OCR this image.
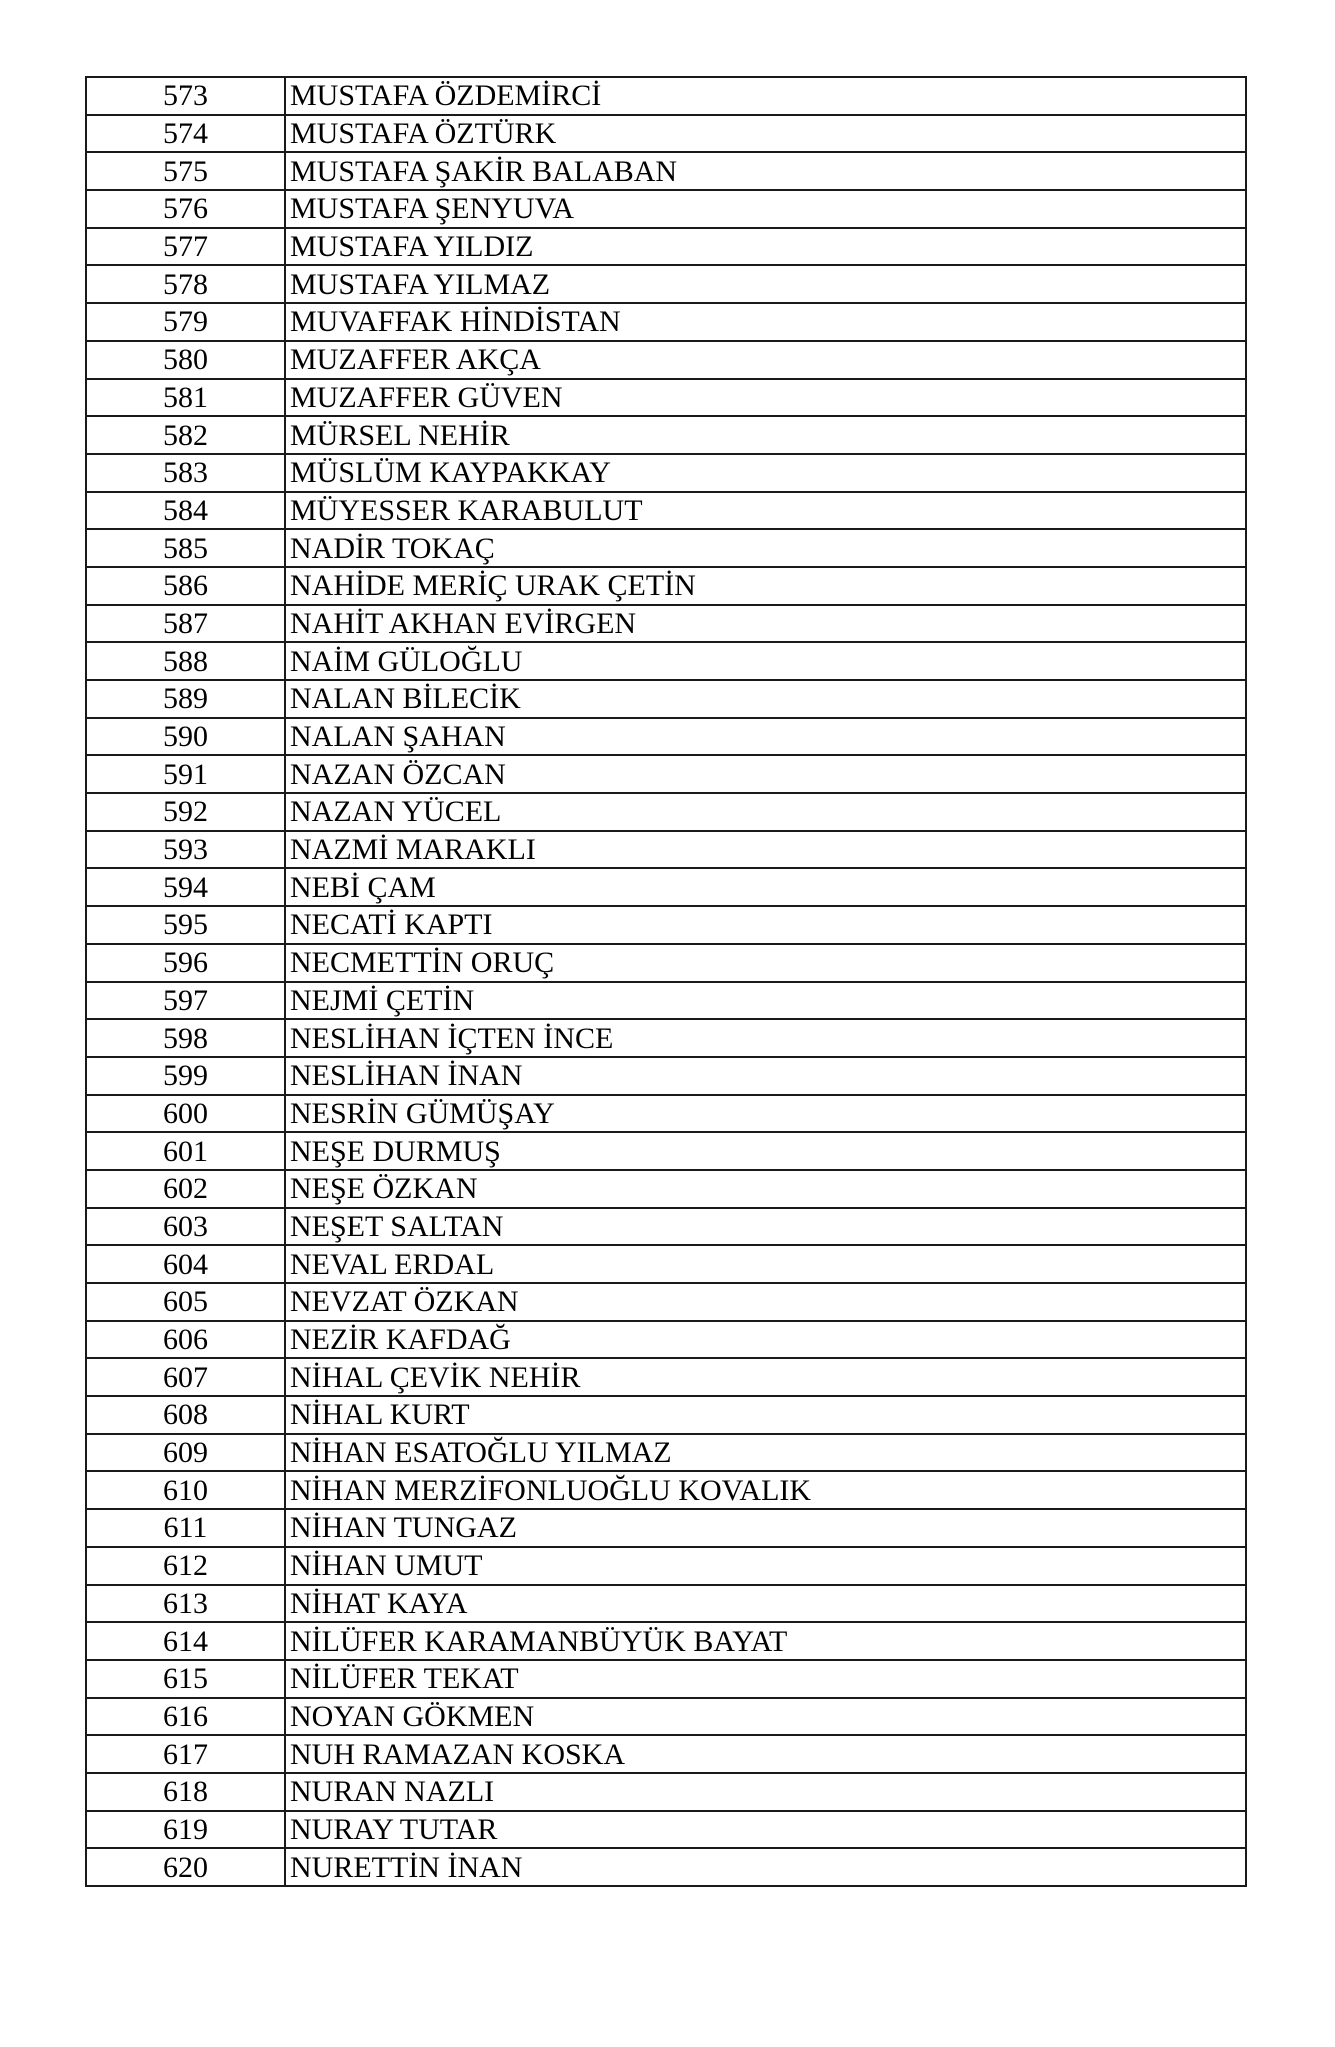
573	MUSTAFA ÖZDEMİRCİ
574	MUSTAFA ÖZTÜRK
575	MUSTAFA ŞAKİR BALABAN
576	MUSTAFA ŞENYUVA
577	MUSTAFA YILDIZ
578	MUSTAFA YILMAZ
579	MUVAFFAK HİNDİSTAN
580	MUZAFFER AKÇA
581	MUZAFFER GÜVEN
582	MÜRSEL NEHİR
583	MÜSLÜM KAYPAKKAY
584	MÜYESSER KARABULUT
585	NADİR TOKAÇ
586	NAHİDE MERİÇ URAK ÇETİN
587	NAHİT AKHAN EVİRGEN
588	NAİM GÜLOĞLU
589	NALAN BİLECİK
590	NALAN ŞAHAN
591	NAZAN ÖZCAN
592	NAZAN YÜCEL
593	NAZMİ MARAKLI
594	NEBİ ÇAM
595	NECATİ KAPTI
596	NECMETTİN ORUÇ
597	NEJMİ ÇETİN
598	NESLİHAN İÇTEN İNCE
599	NESLİHAN İNAN
600	NESRİN GÜMÜŞAY
601	NEŞE DURMUŞ
602	NEŞE ÖZKAN
603	NEŞET SALTAN
604	NEVAL ERDAL
605	NEVZAT ÖZKAN
606	NEZİR KAFDAĞ
607	NİHAL ÇEVİK NEHİR
608	NİHAL KURT
609	NİHAN ESATOĞLU YILMAZ
610	NİHAN MERZİFONLUOĞLU KOVALIK
611	NİHAN TUNGAZ
612	NİHAN UMUT
613	NİHAT KAYA
614	NİLÜFER KARAMANBÜYÜK BAYAT
615	NİLÜFER TEKAT
616	NOYAN GÖKMEN
617	NUH RAMAZAN KOSKA
618	NURAN NAZLI
619	NURAY TUTAR
620	NURETTİN İNAN
